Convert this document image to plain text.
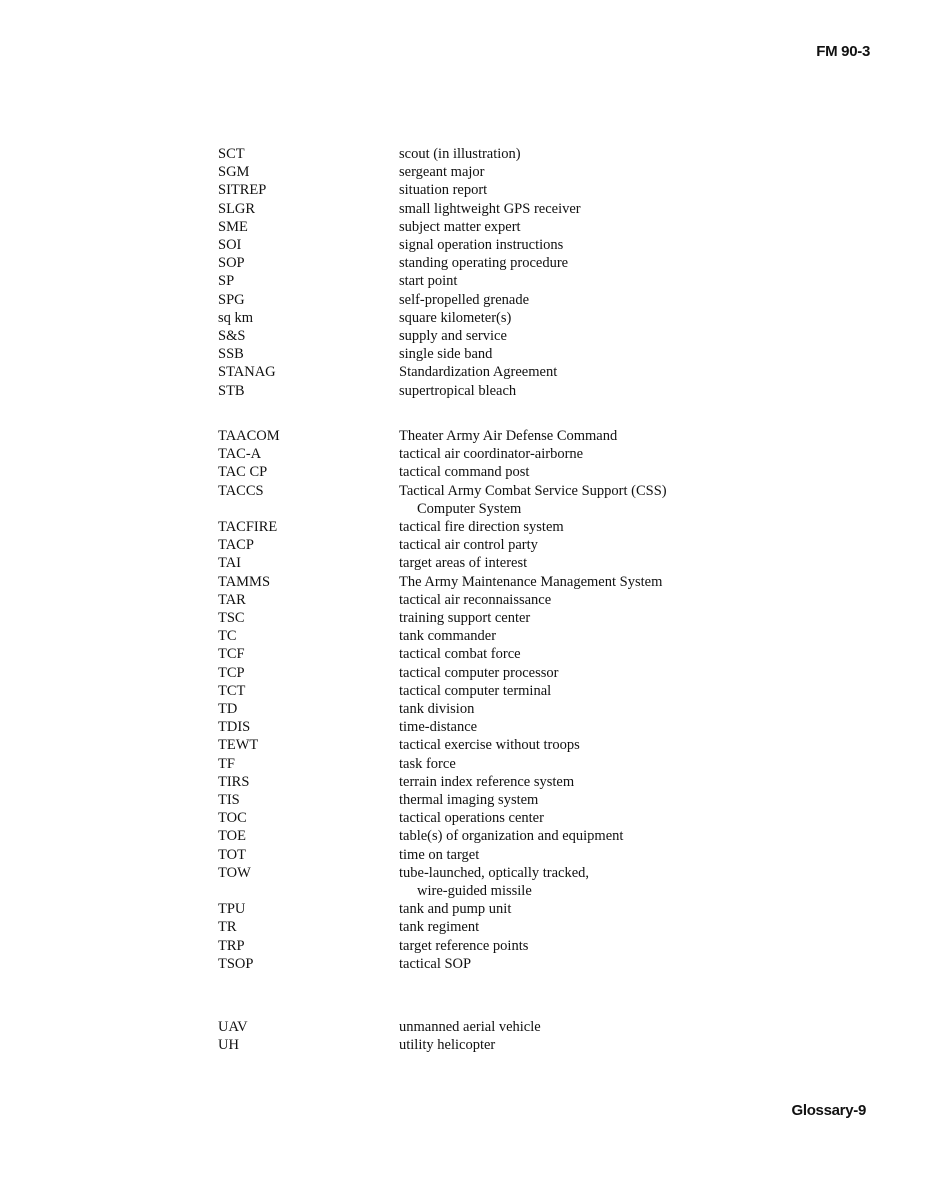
FM 90-3
SCT	scout (in illustration)
SGM	sergeant major
SITREP	situation report
SLGR	small lightweight GPS receiver
SME	subject matter expert
SOI	signal operation instructions
SOP	standing operating procedure
SP	start point
SPG	self-propelled grenade
sq km	square kilometer(s)
S&S	supply and service
SSB	single side band
STANAG	Standardization Agreement
STB	supertropical bleach
TAACOM	Theater Army Air Defense Command
TAC-A	tactical air coordinator-airborne
TAC CP	tactical command post
TACCS	Tactical Army Combat Service Support (CSS)
Computer System
TACFIRE	tactical fire direction system
TACP	tactical air control party
TAI	target areas of interest
TAMMS	The Army Maintenance Management System
TAR	tactical air reconnaissance
TSC	training support center
TC	tank commander
TCF	tactical combat force
TCP	tactical computer processor
TCT	tactical computer terminal
TD	tank division
TDIS	time-distance
TEWT	tactical exercise without troops
TF	task force
TIRS	terrain index reference system
TIS	thermal imaging system
TOC	tactical operations center
TOE	table(s) of organization and equipment
TOT	time on target
TOW	tube-launched, optically tracked,
wire-guided missile
TPU	tank and pump unit
TR	tank regiment
TRP	target reference points
TSOP	tactical SOP
UAV	unmanned aerial vehicle
UH	utility helicopter
Glossary-9
